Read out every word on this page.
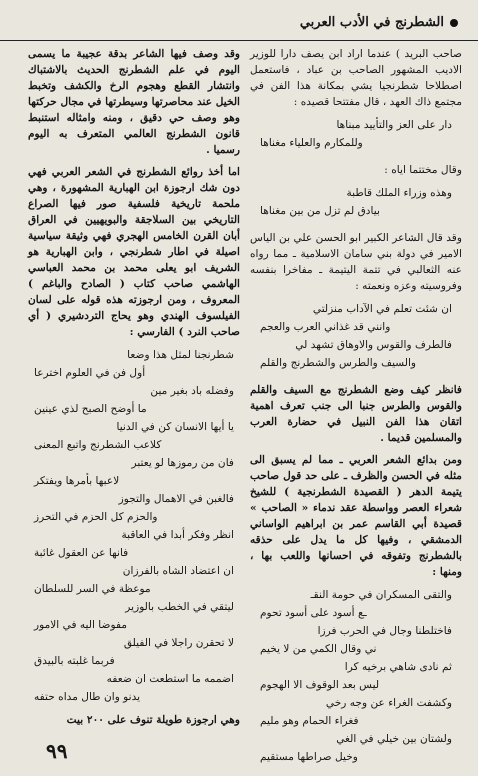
الشطرنج في الأدب العربي

صاحب البريد ) عندما اراد ابن يصف دارا للوزير الاديب المشهور الصاحب بن عباد ، فاستعمل اصطلاحا شطرنجيا يشي بمكانة هذا الفن في مجتمع ذاك العهد ، قال مفتتحا قصيده :

دار على العز والتأييد مبناها
وللمكارم والعلياء مغناها

وقال مختتما اياه :

وهذه وزراء الملك قاطبة
بيادق لم تزل من بين مغناها

وقد قال الشاعر الكبير ابو الحسن علي بن الياس الامير في دولة بني سامان الاسلامية ـ مما رواه عنه الثعالبي في تتمة اليتيمة ـ مفاخرا بنفسه وفروسيته وعزه ونعمته :

ان شئت تعلم في الآداب منزلتي
وانني قد غذاني العرب والعجم
فالطرف والقوس والاوهاق تشهد لي
والسيف والطرس والشطرنج والقلم

فانظر كيف وضع الشطرنج مع السيف والقلم والقوس والطرس جنبا الى جنب تعرف اهمية اتقان هذا الفن النبيل في حضارة العرب والمسلمين قديما .

ومن بدائع الشعر العربي ـ مما لم يسبق الى مثله في الحسن والظرف ـ على حد قول صاحب يتيمة الدهر ( القصيدة الشطرنجية ) للشيخ شعراء العصر وواسطة عقد ندماء « الصاحب » قصيدة أبي القاسم عمر بن ابراهيم الواساني الدمشقي ، وفيها كل ما يدل على حذقه بالشطرنج وتفوقه في احسانها واللعب بها ، ومنها :

والتقى المسكران في حومة النقـ
ـع أسود على أسود تحوم
فاختلطنا وجال في الحرب فرزا
ني وقال الكمي من لا يخيم
ثم نادى شاهي برخيه كرا
ليس بعد الوقوف الا الهجوم
وكشفت الغراء عن وجه رخي
فغراء الحمام وهو مليم
ولشتان بين خيلي في الغي
وخيل صراطها مستقيم

وقد وصف فيها الشاعر بدقة عجيبة ما يسمى اليوم في علم الشطرنج الحديث بالاشتباك وانتشار القطع وهجوم الرخ والكشف وتخبط الخيل عند محاصرتها وسيطرتها في مجال حركتها وهو وصف حي دقيق ، ومنه وامثاله استنبط قانون الشطرنج العالمي المتعرف به اليوم رسميا .

اما أخذ روائع الشطرنج في الشعر العربي فهي دون شك ارجوزة ابن الهبارية المشهورة ، وهي ملحمة تاريخية فلسفية صور فيها الصراع التاريخي بين السلاجقة والبويهيين في العراق أبان القرن الخامس الهجري فهي وثيقة سياسية اصيلة في اطار شطرنجي ، وابن الهبارية هو الشريف ابو يعلى محمد بن محمد العباسي الهاشمي صاحب كتاب ( الصادح والباغم ) المعروف ، ومن ارجوزته هذه قوله على لسان الفيلسوف الهندي وهو يحاج التردشيري ( أي صاحب النرد ) الفارسي :

شطرنجنا لمثل هذا وضعا

أول فن في العلوم اخترعا

وفضله باد بغير مين

ما أوضح الصبح لذي عينين

يا أيها الانسان كن في الدنيا

كلاعب الشطرنج واتبع المعنى

فان من رموزها لو يعتبر

لاعبها بأمرها ويفتكر

فالغبن في الاهمال والتجوز

والحزم كل الحزم في التحرز

انظر وفكر أبدا في العاقبة

فانها عن العقول غائبة

ان اعتضاد الشاه بالفرزان

موعظة في السر للسلطان

ليتقي في الخطب بالوزير

مفوضا اليه في الامور

لا تحقرن راجلا في الفيلق

فربما غلبته بالبيدق

اضممه ما استطعت ان ضعفه

يدنو وان طال مداه حتفه

وهي ارجوزة طويلة تنوف على ٢٠٠ بيت

٩٩
